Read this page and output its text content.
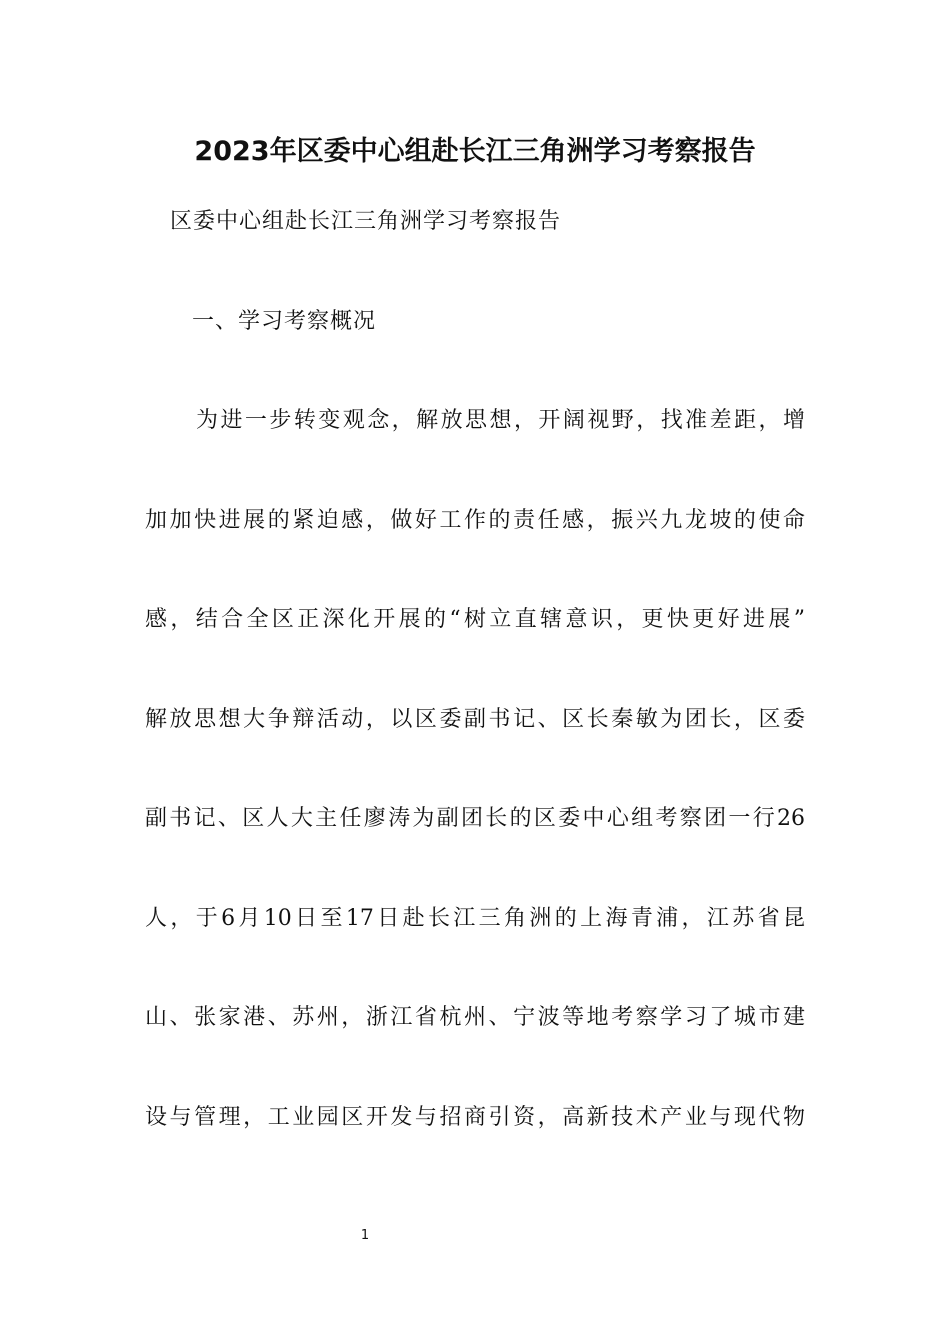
2023年区委中心组赴长江三角洲学习考察报告
区委中心组赴长江三角洲学习考察报告
一、学习考察概况
为进一步转变观念，解放思想，开阔视野，找准差距，增
加加快进展的紧迫感，做好工作的责任感，振兴九龙坡的使命
感，结合全区正深化开展的“树立直辖意识，更快更好进展”
解放思想大争辩活动，以区委副书记、区长秦敏为团长，区委
副书记、区人大主任廖涛为副团长的区委中心组考察团一行26
人，于6月10日至17日赴长江三角洲的上海青浦，江苏省昆
山、张家港、苏州，浙江省杭州、宁波等地考察学习了城市建
设与管理，工业园区开发与招商引资，高新技术产业与现代物
1
